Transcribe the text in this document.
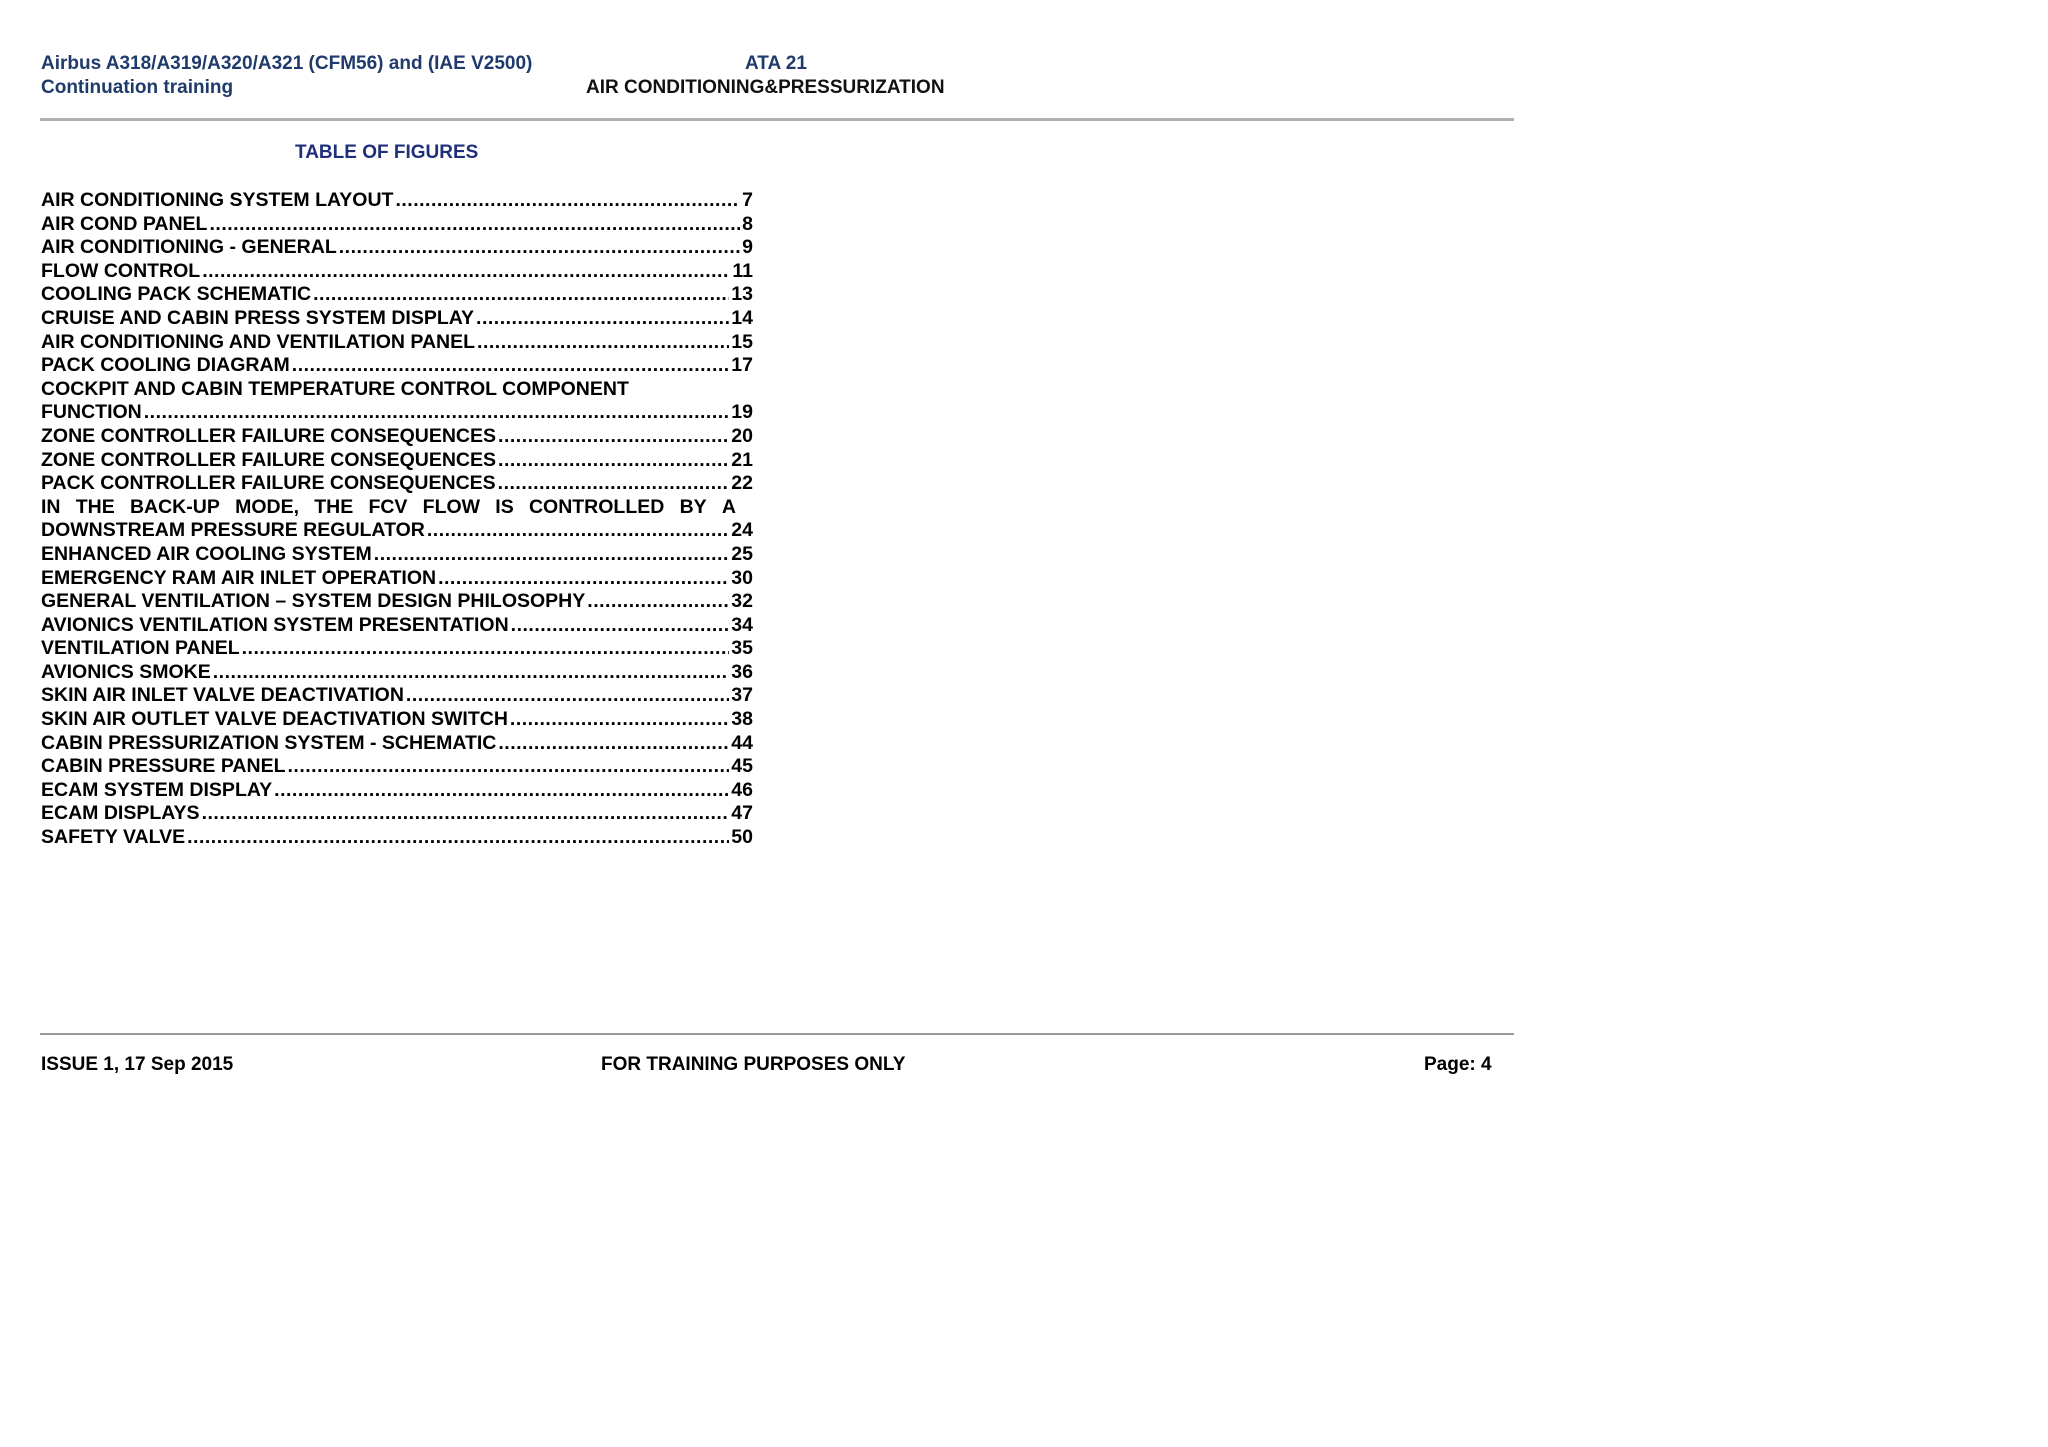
Airbus A318/A319/A320/A321 (CFM56) and (IAE V2500)
Continuation training
ATA 21
AIR CONDITIONING&PRESSURIZATION
TABLE OF FIGURES
AIR CONDITIONING SYSTEM LAYOUT .....	7
AIR COND PANEL .....	8
AIR CONDITIONING - GENERAL .....	9
FLOW CONTROL .....	11
COOLING PACK SCHEMATIC .....	13
CRUISE AND CABIN PRESS SYSTEM DISPLAY .....	14
AIR CONDITIONING AND VENTILATION PANEL .....	15
PACK COOLING DIAGRAM .....	17
COCKPIT AND CABIN TEMPERATURE CONTROL COMPONENT
FUNCTION .....	19
ZONE CONTROLLER FAILURE CONSEQUENCES .....	20
ZONE CONTROLLER FAILURE CONSEQUENCES .....	21
PACK CONTROLLER FAILURE CONSEQUENCES .....	22
IN THE BACK-UP MODE, THE FCV FLOW IS CONTROLLED BY A
DOWNSTREAM PRESSURE REGULATOR .....	24
ENHANCED AIR COOLING SYSTEM .....	25
EMERGENCY RAM AIR INLET OPERATION .....	30
GENERAL VENTILATION – SYSTEM DESIGN PHILOSOPHY .....	32
AVIONICS VENTILATION SYSTEM PRESENTATION .....	34
VENTILATION PANEL .....	35
AVIONICS SMOKE .....	36
SKIN AIR INLET VALVE DEACTIVATION .....	37
SKIN AIR OUTLET VALVE DEACTIVATION SWITCH .....	38
CABIN PRESSURIZATION SYSTEM - SCHEMATIC .....	44
CABIN PRESSURE PANEL .....	45
ECAM SYSTEM DISPLAY .....	46
ECAM DISPLAYS .....	47
SAFETY VALVE .....	50
ISSUE 1, 17 Sep 2015	FOR TRAINING PURPOSES ONLY	Page: 4
